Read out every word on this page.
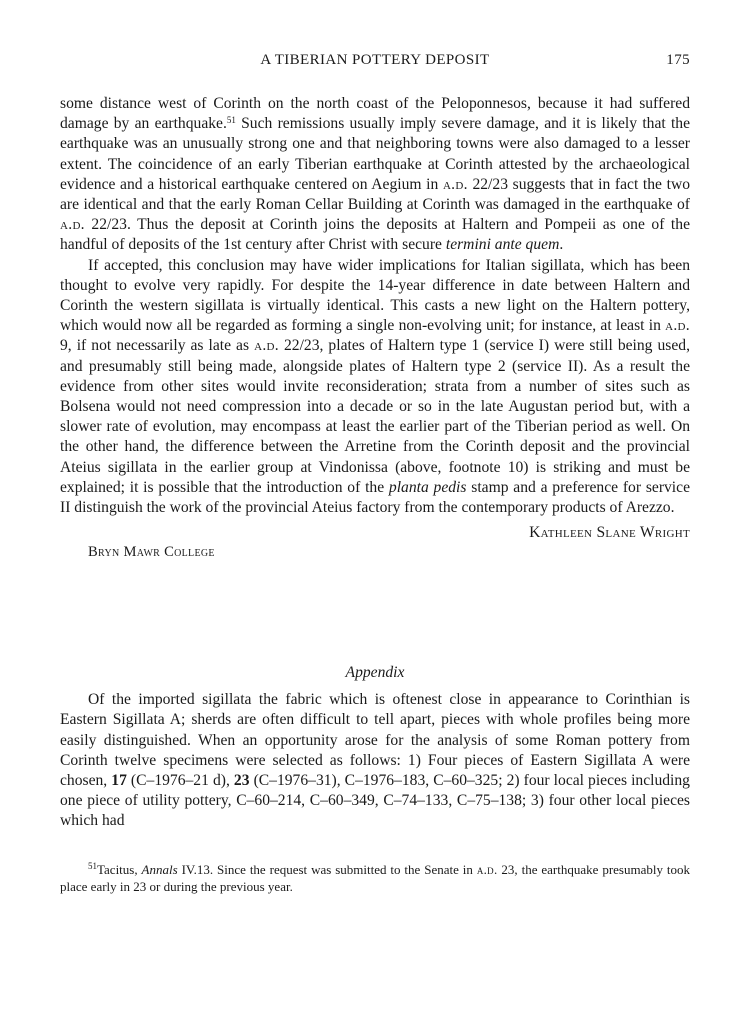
A TIBERIAN POTTERY DEPOSIT	175

some distance west of Corinth on the north coast of the Peloponnesos, because it had suffered damage by an earthquake.$^{51}$ Such remissions usually imply severe damage, and it is likely that the earthquake was an unusually strong one and that neighboring towns were also damaged to a lesser extent. The coincidence of an early Tiberian earthquake at Corinth attested by the archaeological evidence and a historical earthquake centered on Aegium in a.d. 22/23 suggests that in fact the two are identical and that the early Roman Cellar Building at Corinth was damaged in the earthquake of a.d. 22/23. Thus the deposit at Corinth joins the deposits at Haltern and Pompeii as one of the handful of deposits of the 1st century after Christ with secure termini ante quem.

If accepted, this conclusion may have wider implications for Italian sigillata, which has been thought to evolve very rapidly. For despite the 14-year difference in date between Haltern and Corinth the western sigillata is virtually identical. This casts a new light on the Haltern pottery, which would now all be regarded as forming a single non-evolving unit; for instance, at least in a.d. 9, if not necessarily as late as a.d. 22/23, plates of Haltern type 1 (service I) were still being used, and presumably still being made, alongside plates of Haltern type 2 (service II). As a result the evidence from other sites would invite reconsideration; strata from a number of sites such as Bolsena would not need compression into a decade or so in the late Augustan period but, with a slower rate of evolution, may encompass at least the earlier part of the Tiberian period as well. On the other hand, the difference between the Arretine from the Corinth deposit and the provincial Ateius sigillata in the earlier group at Vindonissa (above, footnote 10) is striking and must be explained; it is possible that the introduction of the planta pedis stamp and a preference for service II distinguish the work of the provincial Ateius factory from the contemporary products of Arezzo.

Kathleen Slane Wright
Bryn Mawr College
Appendix

Of the imported sigillata the fabric which is oftenest close in appearance to Corinthian is Eastern Sigillata A; sherds are often difficult to tell apart, pieces with whole profiles being more easily distinguished. When an opportunity arose for the analysis of some Roman pottery from Corinth twelve specimens were selected as follows: 1) Four pieces of Eastern Sigillata A were chosen, 17 (C–1976–21 d), 23 (C–1976–31), C–1976–183, C–60–325; 2) four local pieces including one piece of utility pottery, C–60–214, C–60–349, C–74–133, C–75–138; 3) four other local pieces which had

$^{51}$Tacitus, Annals IV.13. Since the request was submitted to the Senate in a.d. 23, the earthquake presumably took place early in 23 or during the previous year.
